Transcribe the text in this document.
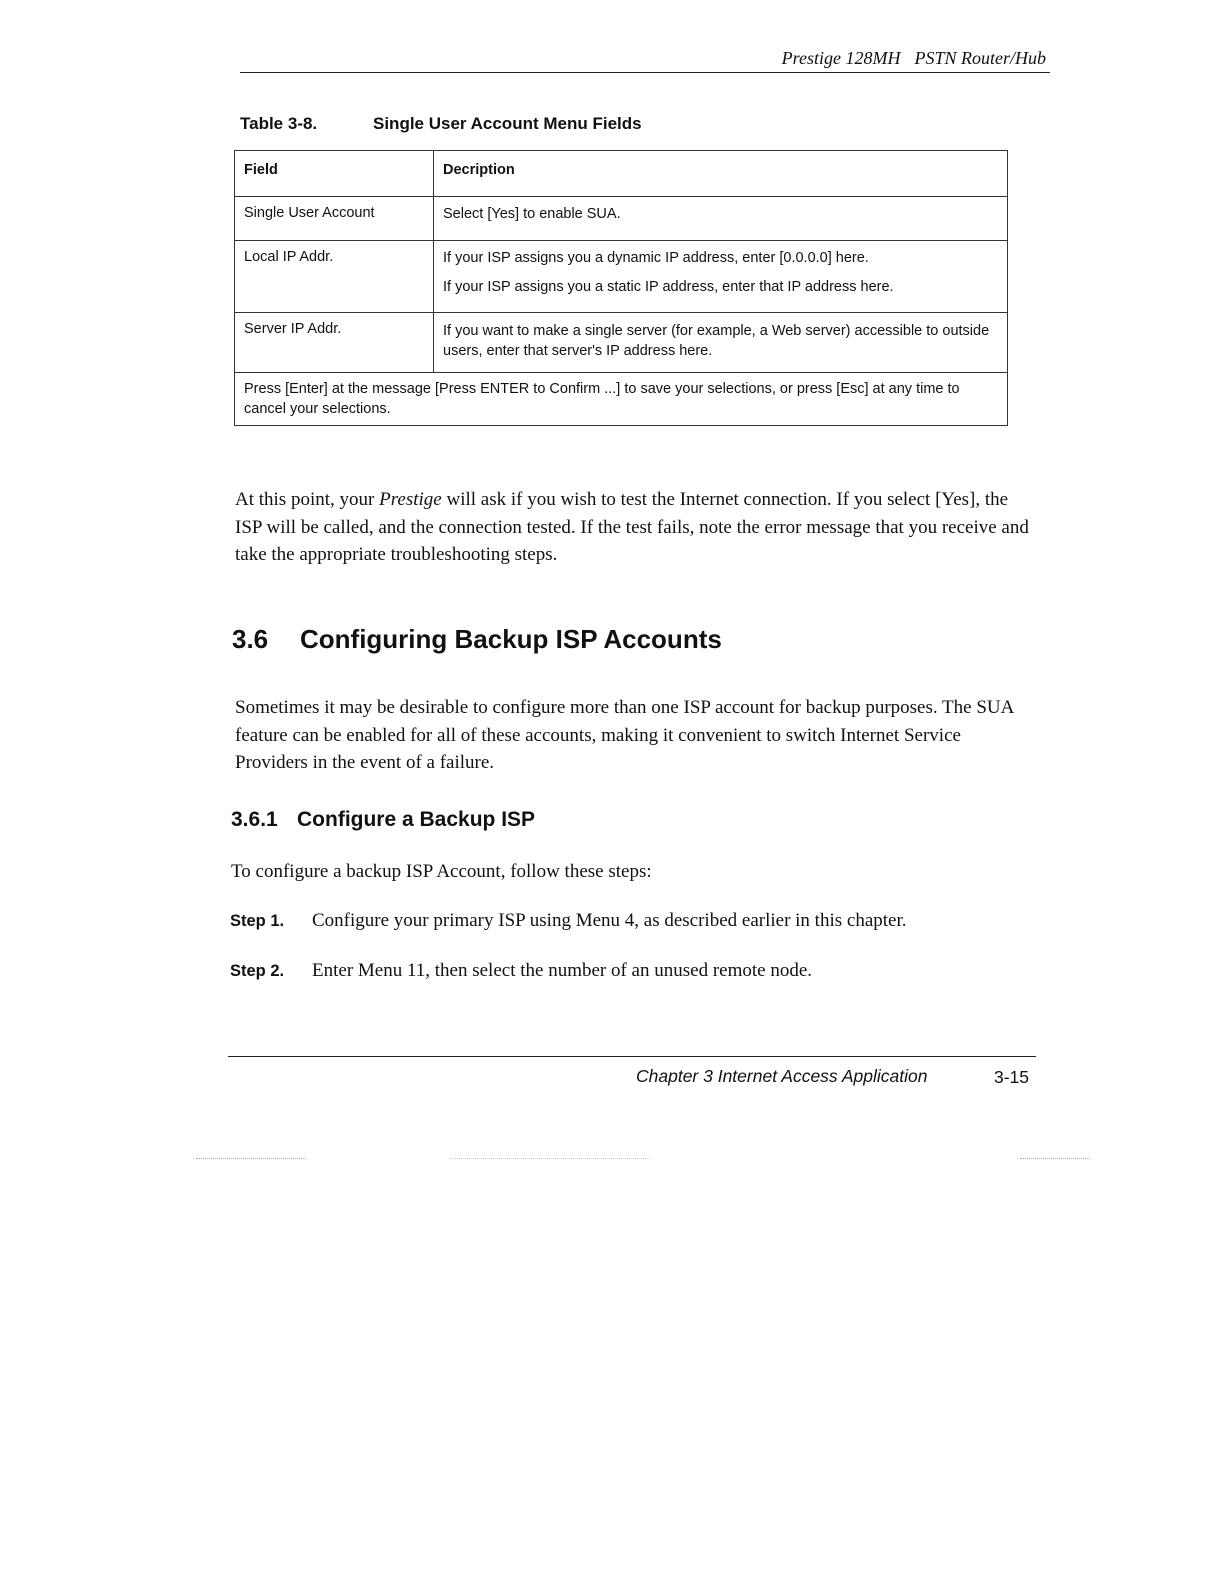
Prestige 128MH PSTN Router/Hub
Table 3-8.	Single User Account Menu Fields
Field	Decription
Single User Account	Select [Yes] to enable SUA.

Local IP Addr.	If your ISP assigns you a dynamic IP address, enter [0.0.0.0] here.
If your ISP assigns you a static IP address, enter that IP address here.

Server IP Addr.	If you want to make a single server (for example, a Web server) accessible to outside users, enter that server's IP address here.
Press [Enter] at the message [Press ENTER to Confirm ...] to save your selections, or press [Esc] at any time to cancel your selections.	
At this point, your Prestige will ask if you wish to test the Internet connection. If you select [Yes], the ISP will be called, and the connection tested. If the test fails, note the error message that you receive and take the appropriate troubleshooting steps.
3.6 Configuring Backup ISP Accounts
Sometimes it may be desirable to configure more than one ISP account for backup purposes. The SUA feature can be enabled for all of these accounts, making it convenient to switch Internet Service Providers in the event of a failure.
3.6.1 Configure a Backup ISP
To configure a backup ISP Account, follow these steps:
Step 1. Configure your primary ISP using Menu 4, as described earlier in this chapter.
Step 2. Enter Menu 11, then select the number of an unused remote node.
Chapter 3 Internet Access Application	3-15
